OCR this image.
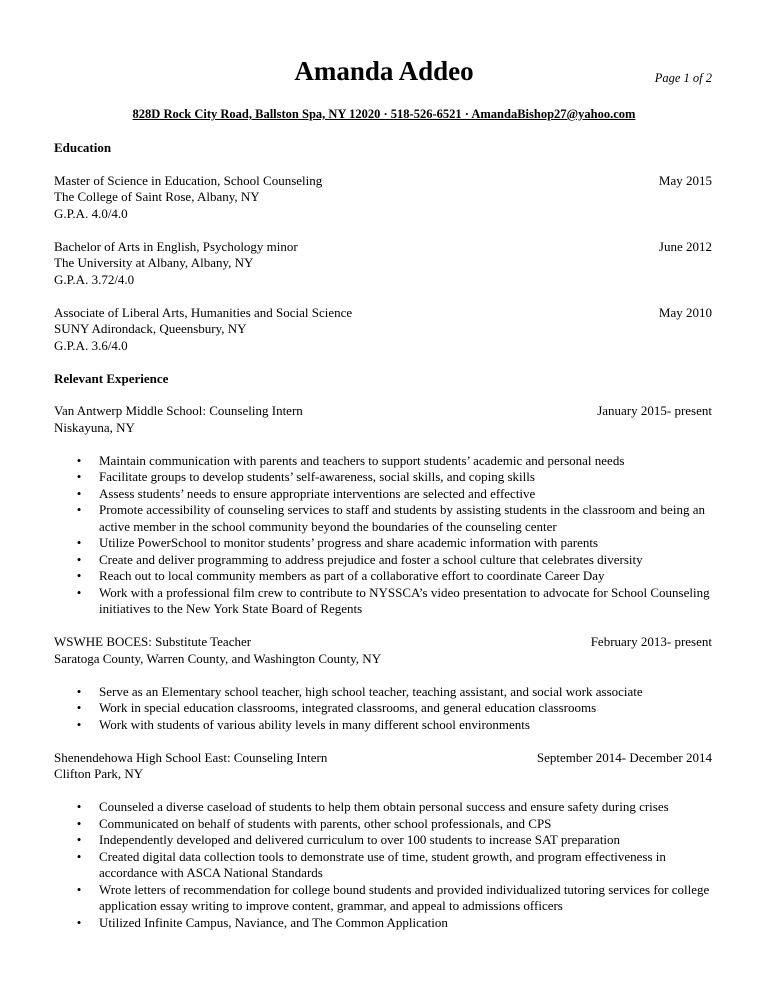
Amanda Addeo	Page 1 of 2
828D Rock City Road, Ballston Spa, NY 12020 · 518-526-6521 · AmandaBishop27@yahoo.com
Education
Master of Science in Education, School Counseling	May 2015
The College of Saint Rose, Albany, NY
G.P.A. 4.0/4.0
Bachelor of Arts in English, Psychology minor	June 2012
The University at Albany, Albany, NY
G.P.A. 3.72/4.0
Associate of Liberal Arts, Humanities and Social Science	May 2010
SUNY Adirondack, Queensbury, NY
G.P.A. 3.6/4.0
Relevant Experience
Van Antwerp Middle School: Counseling Intern	January 2015- present
Niskayuna, NY
• Maintain communication with parents and teachers to support students’ academic and personal needs
• Facilitate groups to develop students’ self-awareness, social skills, and coping skills
• Assess students’ needs to ensure appropriate interventions are selected and effective
• Promote accessibility of counseling services to staff and students by assisting students in the classroom and being an active member in the school community beyond the boundaries of the counseling center
• Utilize PowerSchool to monitor students’ progress and share academic information with parents
• Create and deliver programming to address prejudice and foster a school culture that celebrates diversity
• Reach out to local community members as part of a collaborative effort to coordinate Career Day
• Work with a professional film crew to contribute to NYSSCA’s video presentation to advocate for School Counseling initiatives to the New York State Board of Regents
WSWHE BOCES: Substitute Teacher	February 2013- present
Saratoga County, Warren County, and Washington County, NY
• Serve as an Elementary school teacher, high school teacher, teaching assistant, and social work associate
• Work in special education classrooms, integrated classrooms, and general education classrooms
• Work with students of various ability levels in many different school environments
Shenendehowa High School East: Counseling Intern	September 2014- December 2014
Clifton Park, NY
• Counseled a diverse caseload of students to help them obtain personal success and ensure safety during crises
• Communicated on behalf of students with parents, other school professionals, and CPS
• Independently developed and delivered curriculum to over 100 students to increase SAT preparation
• Created digital data collection tools to demonstrate use of time, student growth, and program effectiveness in accordance with ASCA National Standards
• Wrote letters of recommendation for college bound students and provided individualized tutoring services for college application essay writing to improve content, grammar, and appeal to admissions officers
• Utilized Infinite Campus, Naviance, and The Common Application
